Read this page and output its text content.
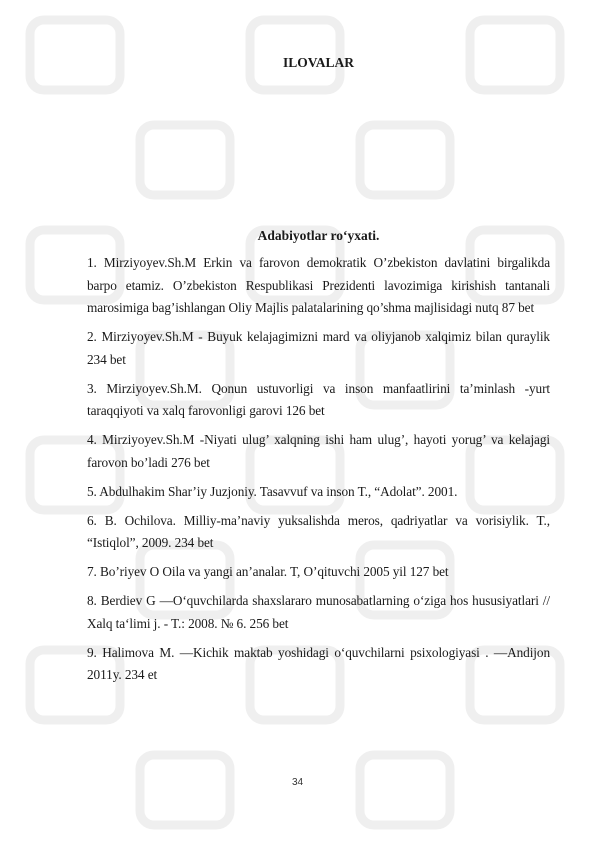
ILOVALAR
Adabiyotlar ro‘yxati.

1. Mirziyoyev.Sh.M Erkin va farovon demokratik O’zbekiston davlatini birgalikda barpo etamiz. O’zbekiston Respublikasi Prezidenti lavozimiga kirishish tantanali marosimiga bag’ishlangan Oliy Majlis palatalarining qo’shma majlisidagi nutq 87 bet

2. Mirziyoyev.Sh.M - Buyuk kelajagimizni mard va oliyjanob xalqimiz bilan quraylik 234 bet

3. Mirziyoyev.Sh.M. Qonun ustuvorligi va inson manfaatlirini ta’minlash -yurt taraqqiyoti va xalq farovonligi garovi 126 bet

4. Mirziyoyev.Sh.M -Niyati ulug’ xalqning ishi ham ulug’, hayoti yorug’ va kelajagi farovon bo’ladi 276 bet

5. Abdulhakim Shar’iy Juzjoniy. Tasavvuf va inson T., “Adolat”. 2001.

6. B. Ochilova. Milliy-ma’naviy yuksalishda meros, qadriyatlar va vorisiylik. T., “Istiqlol”, 2009. 234 bet

7. Bo’riyev O Oila va yangi an’analar. T, O’qituvchi 2005 yil 127 bet

8. Berdiev G ―O‘quvchilarda shaxslararo munosabatlarning o‘ziga hos hususiyatlari // Xalq ta‘limi j. - T.: 2008. № 6. 256 bet

9. Halimova M. ―Kichik maktab yoshidagi o‘quvchilarni psixologiyasi . ―Andijon 2011y. 234 et

34
